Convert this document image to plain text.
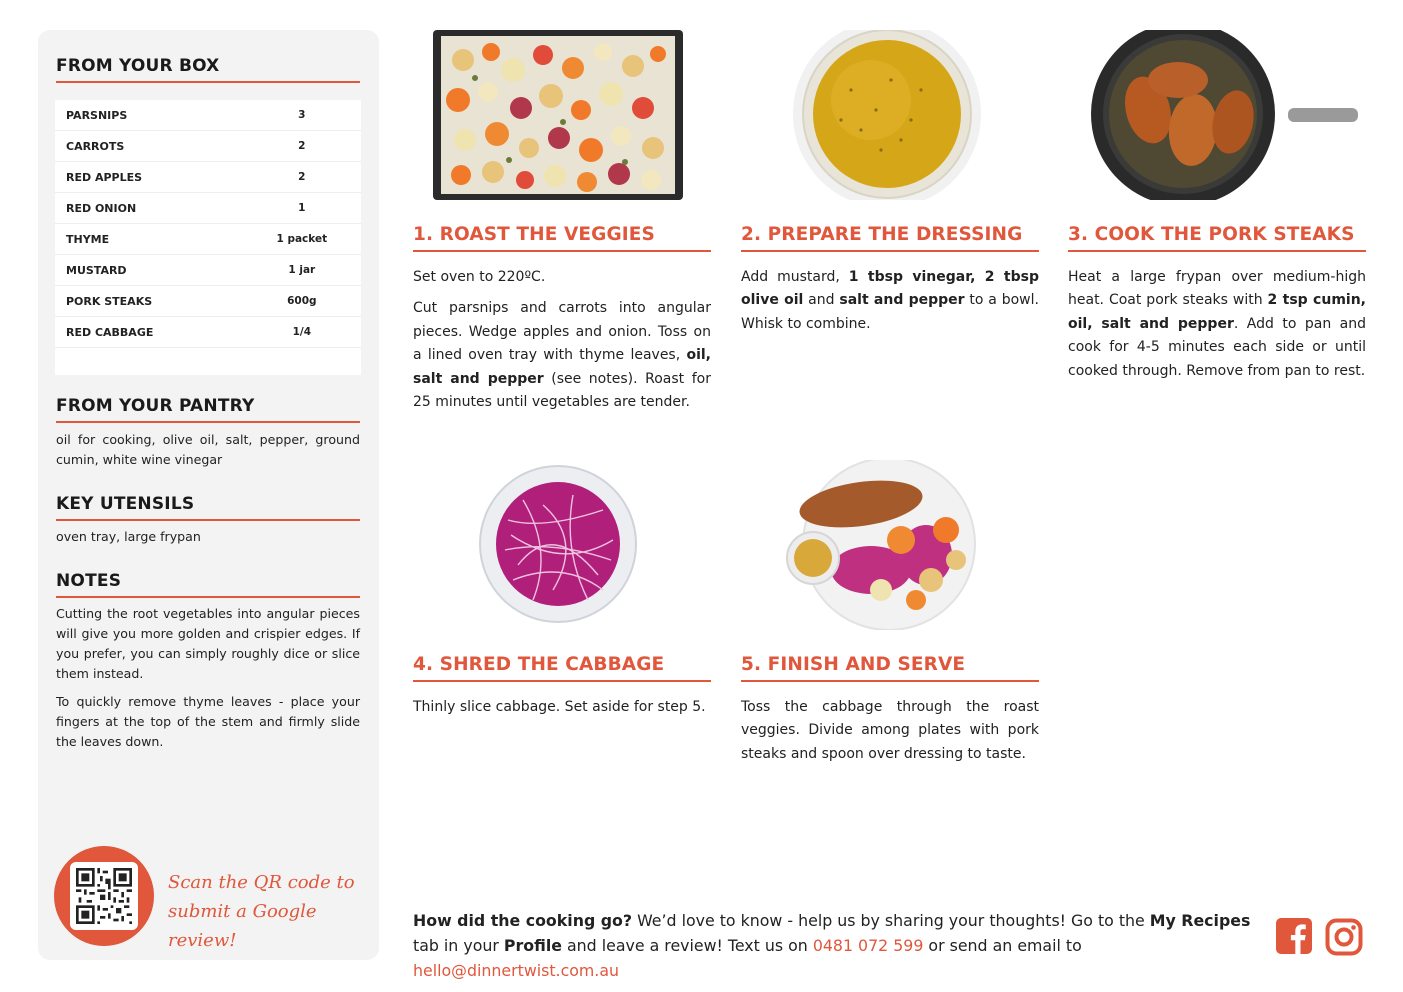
FROM YOUR BOX
PARSNIPS	3
CARROTS	2
RED APPLES	2
RED ONION	1
THYME	1 packet
MUSTARD	1 jar
PORK STEAKS	600g
RED CABBAGE	1/4
FROM YOUR PANTRY
oil for cooking, olive oil, salt, pepper, ground cumin, white wine vinegar
KEY UTENSILS
oven tray, large frypan
NOTES

Cutting the root vegetables into angular pieces will give you more golden and crispier edges. If you prefer, you can simply roughly dice or slice them instead.

To quickly remove thyme leaves - place your fingers at the top of the stem and firmly slide the leaves down.

Scan the QR code to
submit a Google review!
1. ROAST THE VEGGIES

Set oven to 220ºC.

Cut parsnips and carrots into angular pieces. Wedge apples and onion. Toss on a lined oven tray with thyme leaves, oil, salt and pepper (see notes). Roast for 25 minutes until vegetables are tender.

2. PREPARE THE DRESSING

Add mustard, 1 tbsp vinegar, 2 tbsp olive oil and salt and pepper to a bowl. Whisk to combine.

3. COOK THE PORK STEAKS

Heat a large frypan over medium-high heat. Coat pork steaks with 2 tsp cumin, oil, salt and pepper. Add to pan and cook for 4-5 minutes each side or until cooked through. Remove from pan to rest.

4. SHRED THE CABBAGE
Thinly slice cabbage. Set aside for step 5.
5. FINISH AND SERVE
Toss the cabbage through the roast veggies. Divide among plates with pork steaks and spoon over dressing to taste.
How did the cooking go? We’d love to know - help us by sharing your thoughts! Go to the My Recipes tab in your Profile and leave a review! Text us on 0481 072 599 or send an email to hello@dinnertwist.com.au
